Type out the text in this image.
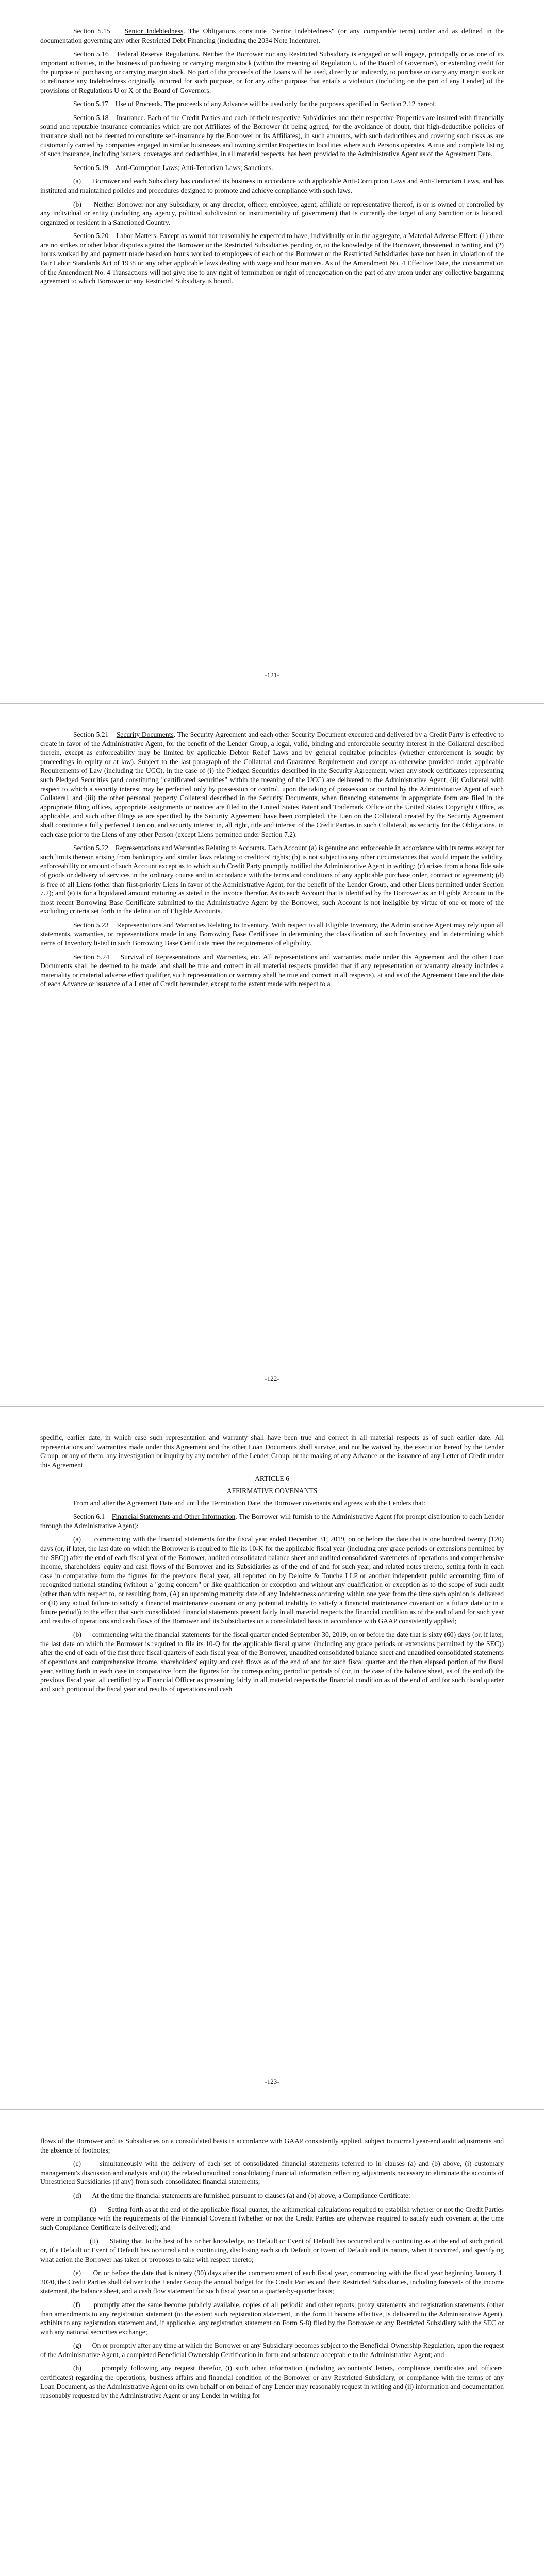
Section 5.15 Senior Indebtedness. The Obligations constitute "Senior Indebtedness" (or any comparable term) under and as defined in the documentation governing any other Restricted Debt Financing (including the 2034 Note Indenture).

Section 5.16 Federal Reserve Regulations. Neither the Borrower nor any Restricted Subsidiary is engaged or will engage, principally or as one of its important activities, in the business of purchasing or carrying margin stock (within the meaning of Regulation U of the Board of Governors), or extending credit for the purpose of purchasing or carrying margin stock. No part of the proceeds of the Loans will be used, directly or indirectly, to purchase or carry any margin stock or to refinance any Indebtedness originally incurred for such purpose, or for any other purpose that entails a violation (including on the part of any Lender) of the provisions of Regulations U or X of the Board of Governors.

Section 5.17 Use of Proceeds. The proceeds of any Advance will be used only for the purposes specified in Section 2.12 hereof.

Section 5.18 Insurance. Each of the Credit Parties and each of their respective Subsidiaries and their respective Properties are insured with financially sound and reputable insurance companies which are not Affiliates of the Borrower (it being agreed, for the avoidance of doubt, that high-deductible policies of insurance shall not be deemed to constitute self-insurance by the Borrower or its Affiliates), in such amounts, with such deductibles and covering such risks as are customarily carried by companies engaged in similar businesses and owning similar Properties in localities where such Persons operates. A true and complete listing of such insurance, including issuers, coverages and deductibles, in all material respects, has been provided to the Administrative Agent as of the Agreement Date.

Section 5.19 Anti-Corruption Laws; Anti-Terrorism Laws; Sanctions.

(a) Borrower and each Subsidiary has conducted its business in accordance with applicable Anti-Corruption Laws and Anti-Terrorism Laws, and has instituted and maintained policies and procedures designed to promote and achieve compliance with such laws.

(b) Neither Borrower nor any Subsidiary, or any director, officer, employee, agent, affiliate or representative thereof, is or is owned or controlled by any individual or entity (including any agency, political subdivision or instrumentality of government) that is currently the target of any Sanction or is located, organized or resident in a Sanctioned Country.

Section 5.20 Labor Matters. Except as would not reasonably be expected to have, individually or in the aggregate, a Material Adverse Effect: (1) there are no strikes or other labor disputes against the Borrower or the Restricted Subsidiaries pending or, to the knowledge of the Borrower, threatened in writing and (2) hours worked by and payment made based on hours worked to employees of each of the Borrower or the Restricted Subsidiaries have not been in violation of the Fair Labor Standards Act of 1938 or any other applicable laws dealing with wage and hour matters. As of the Amendment No. 4 Effective Date, the consummation of the Amendment No. 4 Transactions will not give rise to any right of termination or right of renegotiation on the part of any union under any collective bargaining agreement to which Borrower or any Restricted Subsidiary is bound.

-121-

Section 5.21 Security Documents. The Security Agreement and each other Security Document executed and delivered by a Credit Party is effective to create in favor of the Administrative Agent, for the benefit of the Lender Group, a legal, valid, binding and enforceable security interest in the Collateral described therein, except as enforceability may be limited by applicable Debtor Relief Laws and by general equitable principles (whether enforcement is sought by proceedings in equity or at law). Subject to the last paragraph of the Collateral and Guarantee Requirement and except as otherwise provided under applicable Requirements of Law (including the UCC), in the case of (i) the Pledged Securities described in the Security Agreement, when any stock certificates representing such Pledged Securities (and constituting "certificated securities" within the meaning of the UCC) are delivered to the Administrative Agent, (ii) Collateral with respect to which a security interest may be perfected only by possession or control, upon the taking of possession or control by the Administrative Agent of such Collateral, and (iii) the other personal property Collateral described in the Security Documents, when financing statements in appropriate form are filed in the appropriate filing offices, appropriate assignments or notices are filed in the United States Patent and Trademark Office or the United States Copyright Office, as applicable, and such other filings as are specified by the Security Agreement have been completed, the Lien on the Collateral created by the Security Agreement shall constitute a fully perfected Lien on, and security interest in, all right, title and interest of the Credit Parties in such Collateral, as security for the Obligations, in each case prior to the Liens of any other Person (except Liens permitted under Section 7.2).

Section 5.22 Representations and Warranties Relating to Accounts. Each Account (a) is genuine and enforceable in accordance with its terms except for such limits thereon arising from bankruptcy and similar laws relating to creditors' rights; (b) is not subject to any other circumstances that would impair the validity, enforceability or amount of such Account except as to which such Credit Party promptly notified the Administrative Agent in writing; (c) arises from a bona fide sale of goods or delivery of services in the ordinary course and in accordance with the terms and conditions of any applicable purchase order, contract or agreement; (d) is free of all Liens (other than first-priority Liens in favor of the Administrative Agent, for the benefit of the Lender Group, and other Liens permitted under Section 7.2); and (e) is for a liquidated amount maturing as stated in the invoice therefor. As to each Account that is identified by the Borrower as an Eligible Account in the most recent Borrowing Base Certificate submitted to the Administrative Agent by the Borrower, such Account is not ineligible by virtue of one or more of the excluding criteria set forth in the definition of Eligible Accounts.

Section 5.23 Representations and Warranties Relating to Inventory. With respect to all Eligible Inventory, the Administrative Agent may rely upon all statements, warranties, or representations made in any Borrowing Base Certificate in determining the classification of such Inventory and in determining which items of Inventory listed in such Borrowing Base Certificate meet the requirements of eligibility.

Section 5.24 Survival of Representations and Warranties, etc. All representations and warranties made under this Agreement and the other Loan Documents shall be deemed to be made, and shall be true and correct in all material respects provided that if any representation or warranty already includes a materiality or material adverse effect qualifier, such representation or warranty shall be true and correct in all respects), at and as of the Agreement Date and the date of each Advance or issuance of a Letter of Credit hereunder, except to the extent made with respect to a

-122-

specific, earlier date, in which case such representation and warranty shall have been true and correct in all material respects as of such earlier date. All representations and warranties made under this Agreement and the other Loan Documents shall survive, and not be waived by, the execution hereof by the Lender Group, or any of them, any investigation or inquiry by any member of the Lender Group, or the making of any Advance or the issuance of any Letter of Credit under this Agreement.

ARTICLE 6
AFFIRMATIVE COVENANTS

From and after the Agreement Date and until the Termination Date, the Borrower covenants and agrees with the Lenders that:

Section 6.1 Financial Statements and Other Information. The Borrower will furnish to the Administrative Agent (for prompt distribution to each Lender through the Administrative Agent):

(a) commencing with the financial statements for the fiscal year ended December 31, 2019, on or before the date that is one hundred twenty (120) days (or, if later, the last date on which the Borrower is required to file its 10-K for the applicable fiscal year (including any grace periods or extensions permitted by the SEC)) after the end of each fiscal year of the Borrower, audited consolidated balance sheet and audited consolidated statements of operations and comprehensive income, shareholders' equity and cash flows of the Borrower and its Subsidiaries as of the end of and for such year, and related notes thereto, setting forth in each case in comparative form the figures for the previous fiscal year, all reported on by Deloitte & Touche LLP or another independent public accounting firm of recognized national standing (without a "going concern" or like qualification or exception and without any qualification or exception as to the scope of such audit (other than with respect to, or resulting from, (A) an upcoming maturity date of any Indebtedness occurring within one year from the time such opinion is delivered or (B) any actual failure to satisfy a financial maintenance covenant or any potential inability to satisfy a financial maintenance covenant on a future date or in a future period)) to the effect that such consolidated financial statements present fairly in all material respects the financial condition as of the end of and for such year and results of operations and cash flows of the Borrower and its Subsidiaries on a consolidated basis in accordance with GAAP consistently applied;

(b) commencing with the financial statements for the fiscal quarter ended September 30, 2019, on or before the date that is sixty (60) days (or, if later, the last date on which the Borrower is required to file its 10-Q for the applicable fiscal quarter (including any grace periods or extensions permitted by the SEC)) after the end of each of the first three fiscal quarters of each fiscal year of the Borrower, unaudited consolidated balance sheet and unaudited consolidated statements of operations and comprehensive income, shareholders' equity and cash flows as of the end of and for such fiscal quarter and the then elapsed portion of the fiscal year, setting forth in each case in comparative form the figures for the corresponding period or periods of (or, in the case of the balance sheet, as of the end of) the previous fiscal year, all certified by a Financial Officer as presenting fairly in all material respects the financial condition as of the end of and for such fiscal quarter and such portion of the fiscal year and results of operations and cash

-123-

flows of the Borrower and its Subsidiaries on a consolidated basis in accordance with GAAP consistently applied, subject to normal year-end audit adjustments and the absence of footnotes;

(c)	simultaneously with the delivery of each set of consolidated financial statements referred to in clauses (a) and (b) above, (i) customary management's discussion and analysis and (ii) the related unaudited consolidating financial information reflecting adjustments necessary to eliminate the accounts of Unrestricted Subsidiaries (if any) from such consolidated financial statements;

(d) At the time the financial statements are furnished pursuant to clauses (a) and (b) above, a Compliance Certificate:

(i) Setting forth as at the end of the applicable fiscal quarter, the arithmetical calculations required to establish whether or not the Credit Parties were in compliance with the requirements of the Financial Covenant (whether or not the Credit Parties are otherwise required to satisfy such covenant at the time such Compliance Certificate is delivered); and

(ii) Stating that, to the best of his or her knowledge, no Default or Event of Default has occurred and is continuing as at the end of such period, or, if a Default or Event of Default has occurred and is continuing, disclosing each such Default or Event of Default and its nature, when it occurred, and specifying what action the Borrower has taken or proposes to take with respect thereto;

(e) On or before the date that is ninety (90) days after the commencement of each fiscal year, commencing with the fiscal year beginning January 1, 2020, the Credit Parties shall deliver to the Lender Group the annual budget for the Credit Parties and their Restricted Subsidiaries, including forecasts of the income statement, the balance sheet, and a cash flow statement for such fiscal year on a quarter-by-quarter basis;

(f) promptly after the same become publicly available, copies of all periodic and other reports, proxy statements and registration statements (other than amendments to any registration statement (to the extent such registration statement, in the form it became effective, is delivered to the Administrative Agent), exhibits to any registration statement and, if applicable, any registration statement on Form S-8) filed by the Borrower or any Restricted Subsidiary with the SEC or with any national securities exchange;

(g) On or promptly after any time at which the Borrower or any Subsidiary becomes subject to the Beneficial Ownership Regulation, upon the request of the Administrative Agent, a completed Beneficial Ownership Certification in form and substance acceptable to the Administrative Agent; and

(h)	promptly following any request therefor, (i) such other information (including accountants' letters, compliance certificates and officers' certificates) regarding the operations, business affairs and financial condition of the Borrower or any Restricted Subsidiary, or compliance with the terms of any Loan Document, as the Administrative Agent on its own behalf or on behalf of any Lender may reasonably request in writing and (ii) information and documentation reasonably requested by the Administrative Agent or any Lender in writing for
